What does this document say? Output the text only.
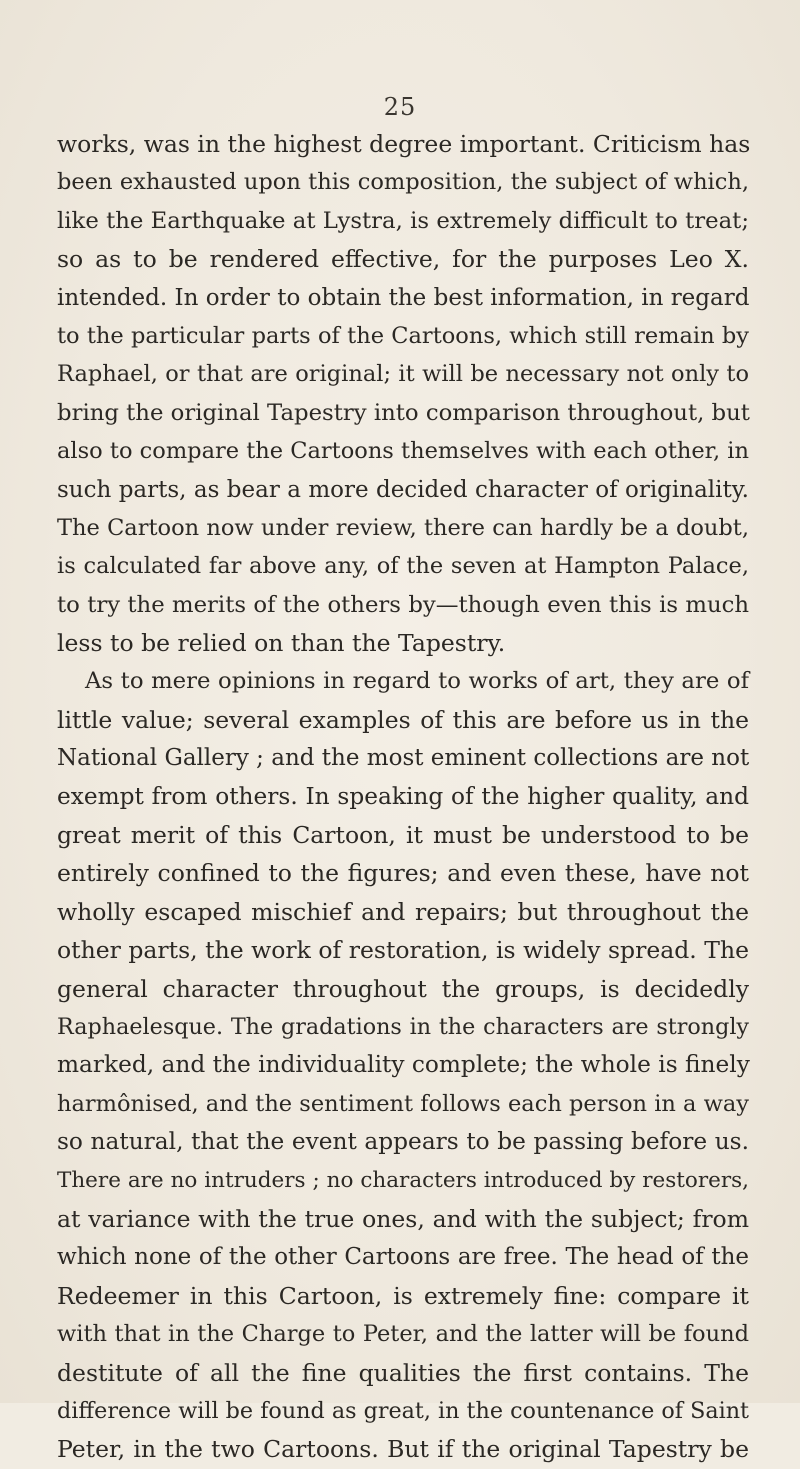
25
works, was in the highest degree important. Criticism has
been exhausted upon this composition, the subject of which,
like the Earthquake at Lystra, is extremely difficult to treat;
so as to be rendered effective, for the purposes Leo X.
intended. In order to obtain the best information, in regard
to the particular parts of the Cartoons, which still remain by
Raphael, or that are original; it will be necessary not only to
bring the original Tapestry into comparison throughout, but
also to compare the Cartoons themselves with each other, in
such parts, as bear a more decided character of originality.
The Cartoon now under review, there can hardly be a doubt,
is calculated far above any, of the seven at Hampton Palace,
to try the merits of the others by—though even this is much
less to be relied on than the Tapestry.
As to mere opinions in regard to works of art, they are of
little value; several examples of this are before us in the
National Gallery ; and the most eminent collections are not
exempt from others. In speaking of the higher quality, and
great merit of this Cartoon, it must be understood to be
entirely confined to the figures; and even these, have not
wholly escaped mischief and repairs; but throughout the
other parts, the work of restoration, is widely spread. The
general character throughout the groups, is decidedly
Raphaelesque. The gradations in the characters are strongly
marked, and the individuality complete; the whole is finely
harmônised, and the sentiment follows each person in a way
so natural, that the event appears to be passing before us.
There are no intruders ; no characters introduced by restorers,
at variance with the true ones, and with the subject; from
which none of the other Cartoons are free. The head of the
Redeemer in this Cartoon, is extremely fine: compare it
with that in the Charge to Peter, and the latter will be found
destitute of all the fine qualities the first contains. The
difference will be found as great, in the countenance of Saint
Peter, in the two Cartoons. But if the original Tapestry be
